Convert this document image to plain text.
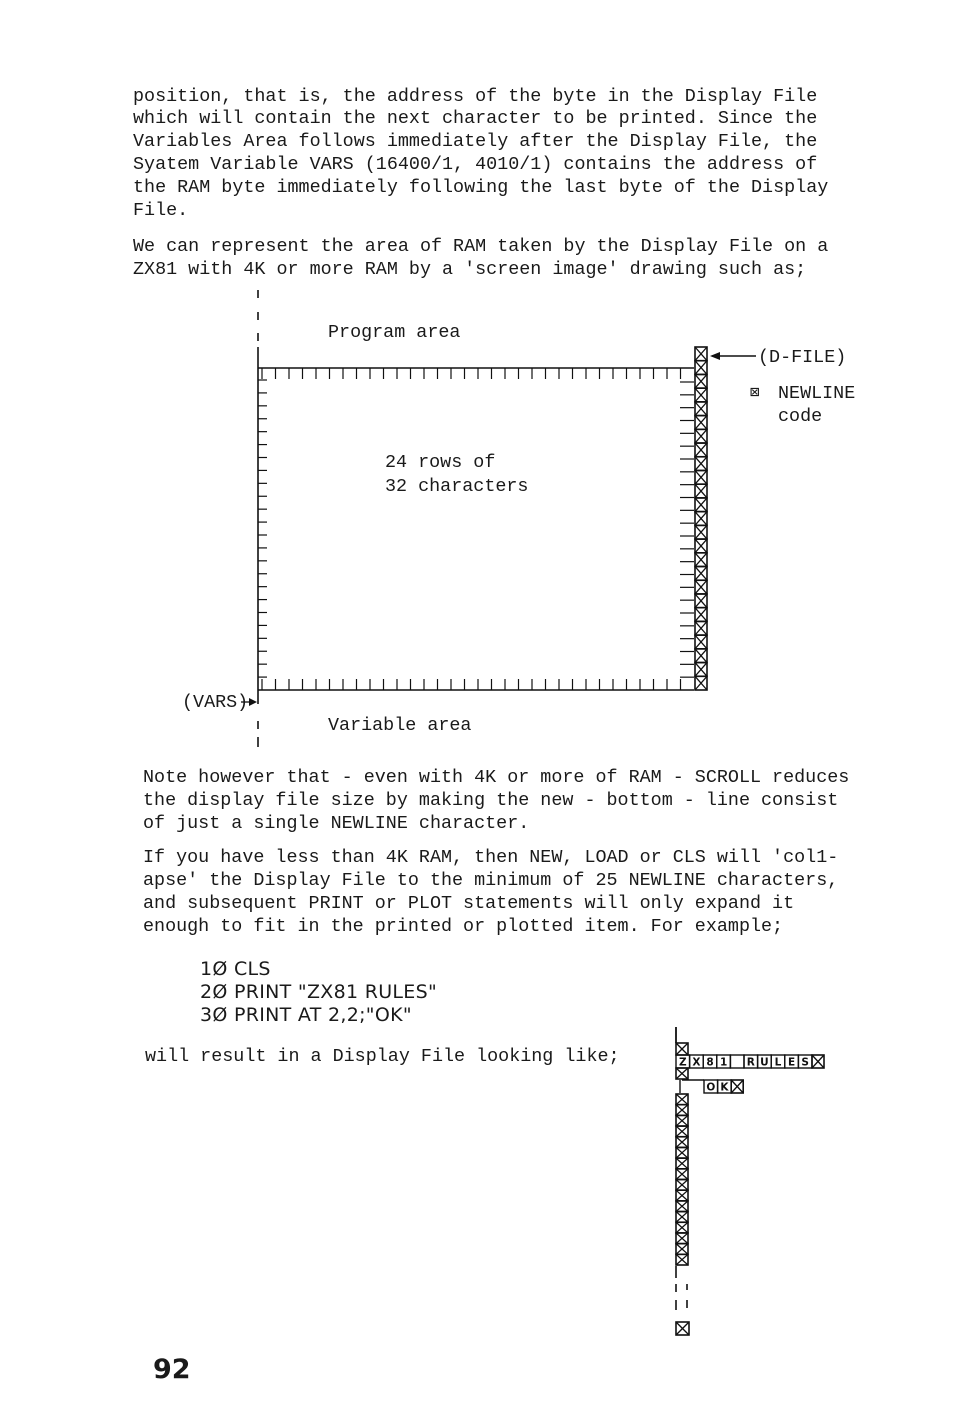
position, that is, the address of the byte in the Display File
which will contain the next character to be printed. Since the
Variables Area follows immediately after the Display File, the
Syatem Variable VARS (16400/1, 4010/1) contains the address of
the RAM byte immediately following the last byte of the Display
File.
We can represent the area of RAM taken by the Display File on a
ZX81 with 4K or more RAM by a 'screen image' drawing such as;
Program area
(D-FILE)
⊠ NEWLINE
code
24 rows of
32 characters
(VARS)
Variable area
Note however that - even with 4K or more of RAM - SCROLL reduces
the display file size by making the new - bottom - line consist
of just a single NEWLINE character.
If you have less than 4K RAM, then NEW, LOAD or CLS will 'col1-
apse' the Display File to the minimum of 25 NEWLINE characters,
and subsequent PRINT or PLOT statements will only expand it
enough to fit in the printed or plotted item. For example;
1Ø CLS
2Ø PRINT "ZX81 RULES"
3Ø PRINT AT 2,2;"OK"
will result in a Display File looking like;	Z X 8 1 R U L E S
O K
92
